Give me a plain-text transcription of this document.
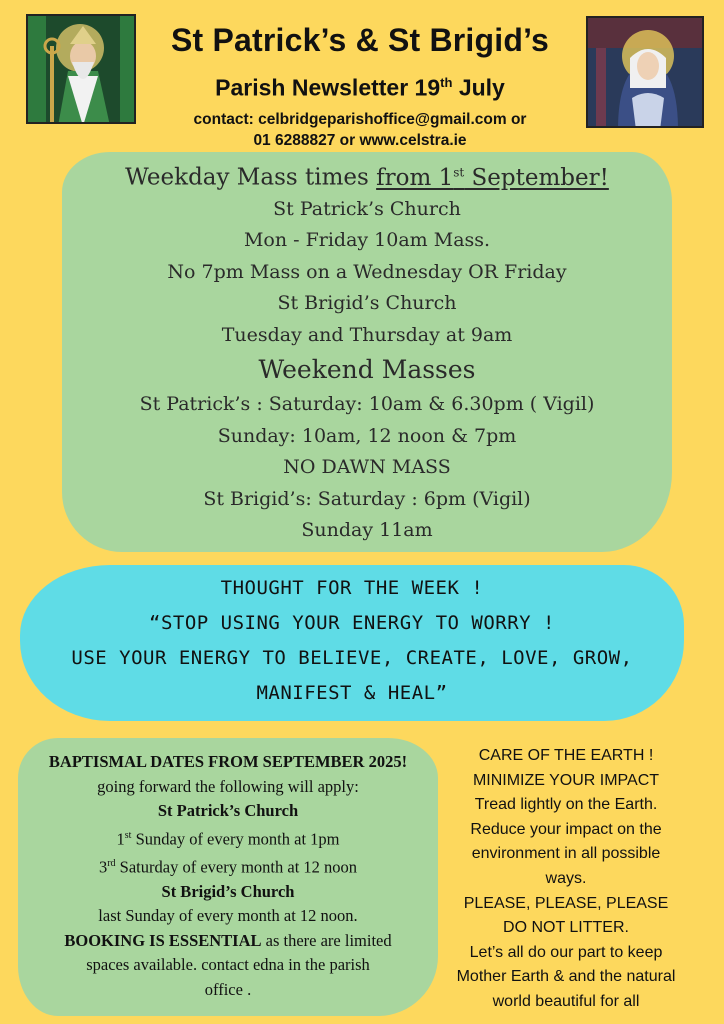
St Patrick’s & St Brigid’s
Parish Newsletter 19th July
contact: celbridgeparishoffice@gmail.com or
01 6288827 or www.celstra.ie
Weekday Mass times from 1st September!
St Patrick’s Church
Mon - Friday 10am Mass.
No 7pm Mass on a Wednesday OR Friday
St Brigid’s Church
Tuesday and Thursday at 9am
Weekend Masses
St Patrick’s : Saturday: 10am & 6.30pm ( Vigil)
Sunday: 10am, 12 noon & 7pm
NO DAWN MASS
St Brigid’s: Saturday : 6pm (Vigil)
Sunday 11am
THOUGHT FOR THE WEEK !
“STOP USING YOUR ENERGY TO WORRY !
USE YOUR ENERGY TO BELIEVE, CREATE, LOVE, GROW,
MANIFEST & HEAL”
BAPTISMAL DATES FROM SEPTEMBER 2025!
going forward the following will apply:
St Patrick’s Church
1st Sunday of every month at 1pm
3rd Saturday of every month at 12 noon
St Brigid’s Church
last Sunday of every month at 12 noon.
BOOKING IS ESSENTIAL as there are limited
spaces available. contact edna in the parish
office .
CARE OF THE EARTH !
MINIMIZE YOUR IMPACT
Tread lightly on the Earth.
Reduce your impact on the
environment in all possible
ways.
PLEASE, PLEASE, PLEASE
DO NOT LITTER.
Let’s all do our part to keep
Mother Earth & and the natural
world beautiful for all
